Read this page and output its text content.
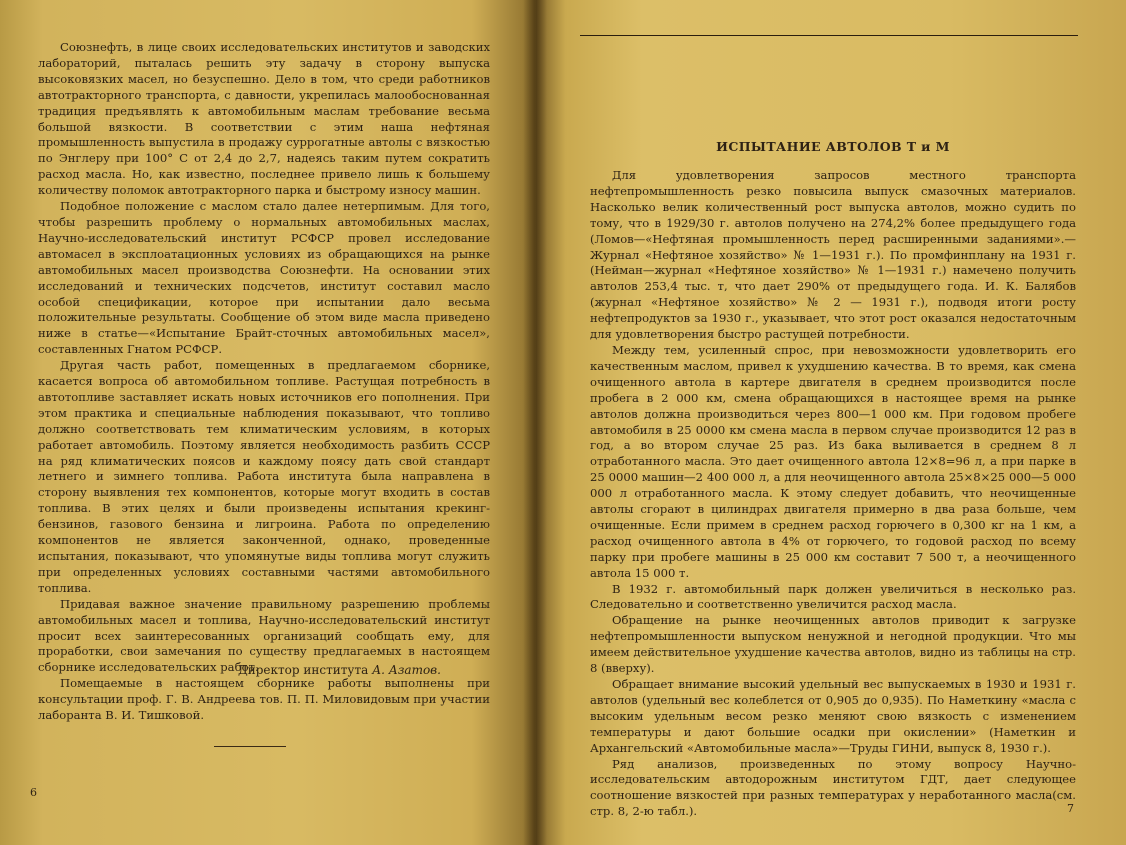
Союзнефть, в лице своих исследовательских институтов и заводских лабораторий, пыталась решить эту задачу в сторону выпуска высоковязких масел, но безуспешно. Дело в том, что среди работников автотракторного транспорта, с давности, укрепилась малообоснованная традиция предъявлять к автомобильным маслам требование весьма большой вязкости. В соответствии с этим наша нефтяная промышленность выпустила в продажу суррогатные автолы с вязкостью по Энглеру при 100° С от 2,4 до 2,7, надеясь таким путем сократить расход масла. Но, как известно, последнее привело лишь к большему количеству поломок автотракторного парка и быстрому износу машин.

Подобное положение с маслом стало далее нетерпимым. Для того, чтобы разрешить проблему о нормальных автомобильных маслах, Научно-исследовательский институт РСФСР провел исследование автомасел в эксплоатационных условиях из обращающихся на рынке автомобильных масел производства Союзнефти. На основании этих исследований и технических подсчетов, институт составил масло особой спецификации, которое при испытании дало весьма положительные результаты. Сообщение об этом виде масла приведено ниже в статье—«Испытание Брайт-сточных автомобильных масел», составленных Гнатом РСФСР.

Другая часть работ, помещенных в предлагаемом сборнике, касается вопроса об автомобильном топливе. Растущая потребность в автотопливе заставляет искать новых источников его пополнения. При этом практика и специальные наблюдения показывают, что топливо должно соответствовать тем климатическим условиям, в которых работает автомобиль. Поэтому является необходимость разбить СССР на ряд климатических поясов и каждому поясу дать свой стандарт летнего и зимнего топлива. Работа института была направлена в сторону выявления тех компонентов, которые могут входить в состав топлива. В этих целях и были произведены испытания крекинг-бензинов, газового бензина и лигроина. Работа по определению компонентов не является законченной, однако, проведенные испытания, показывают, что упомянутые виды топлива могут служить при определенных условиях составными частями автомобильного топлива.

Придавая важное значение правильному разрешению проблемы автомобильных масел и топлива, Научно-исследовательский институт просит всех заинтересованных организаций сообщать ему, для проработки, свои замечания по существу предлагаемых в настоящем сборнике исследовательских работ.

Помещаемые в настоящем сборнике работы выполнены при консультации проф. Г. В. Андреева тов. П. П. Миловидовым при участии лаборанта В. И. Тишковой.

Директор института А. Азатов.
6
ИСПЫТАНИЕ АВТОЛОВ Т и М

Для удовлетворения запросов местного транспорта нефтепромышленность резко повысила выпуск смазочных материалов. Насколько велик количественный рост выпуска автолов, можно судить по тому, что в 1929/30 г. автолов получено на 274,2% более предыдущего года (Ломов—«Нефтяная промышленность перед расширенными заданиями».—Журнал «Нефтяное хозяйство» № 1—1931 г.). По промфинплану на 1931 г. (Нейман—журнал «Нефтяное хозяйство» № 1—1931 г.) намечено получить автолов 253,4 тыс. т, что дает 290% от предыдущего года. И. К. Балябов (журнал «Нефтяное хозяйство» № 2 — 1931 г.), подводя итоги росту нефтепродуктов за 1930 г., указывает, что этот рост оказался недостаточным для удовлетворения быстро растущей потребности.

Между тем, усиленный спрос, при невозможности удовлетворить его качественным маслом, привел к ухудшению качества. В то время, как смена очищенного автола в картере двигателя в среднем производится после пробега в 2 000 км, смена обращающихся в настоящее время на рынке автолов должна производиться через 800—1 000 км. При годовом пробеге автомобиля в 25 0000 км смена масла в первом случае производится 12 раз в год, а во втором случае 25 раз. Из бака выливается в среднем 8 л отработанного масла. Это дает очищенного автола 12×8=96 л, а при парке в 25 0000 машин—2 400 000 л, а для неочищенного автола 25×8×25 000—5 000 000 л отработанного масла. К этому следует добавить, что неочищенные автолы сгорают в цилиндрах двигателя примерно в два раза больше, чем очищенные. Если примем в среднем расход горючего в 0,300 кг на 1 км, а расход очищенного автола в 4% от горючего, то годовой расход по всему парку при пробеге машины в 25 000 км составит 7 500 т, а неочищенного автола 15 000 т.

В 1932 г. автомобильный парк должен увеличиться в несколько раз. Следовательно и соответственно увеличится расход масла.

Обращение на рынке неочищенных автолов приводит к загрузке нефтепромышленности выпуском ненужной и негодной продукции. Что мы имеем действительное ухудшение качества автолов, видно из таблицы на стр. 8 (вверху).

Обращает внимание высокий удельный вес выпускаемых в 1930 и 1931 г. автолов (удельный вес колеблется от 0,905 до 0,935). По Наметкину «масла с высоким удельным весом резко меняют свою вязкость с изменением температуры и дают большие осадки при окислении» (Наметкин и Архангельский «Автомобильные масла»—Труды ГИНИ, выпуск 8, 1930 г.).

Ряд анализов, произведенных по этому вопросу Научно-исследовательским автодорожным институтом ГДТ, дает следующее соотношение вязкостей при разных температурах у неработанного масла(см. стр. 8, 2-ю табл.).	7
